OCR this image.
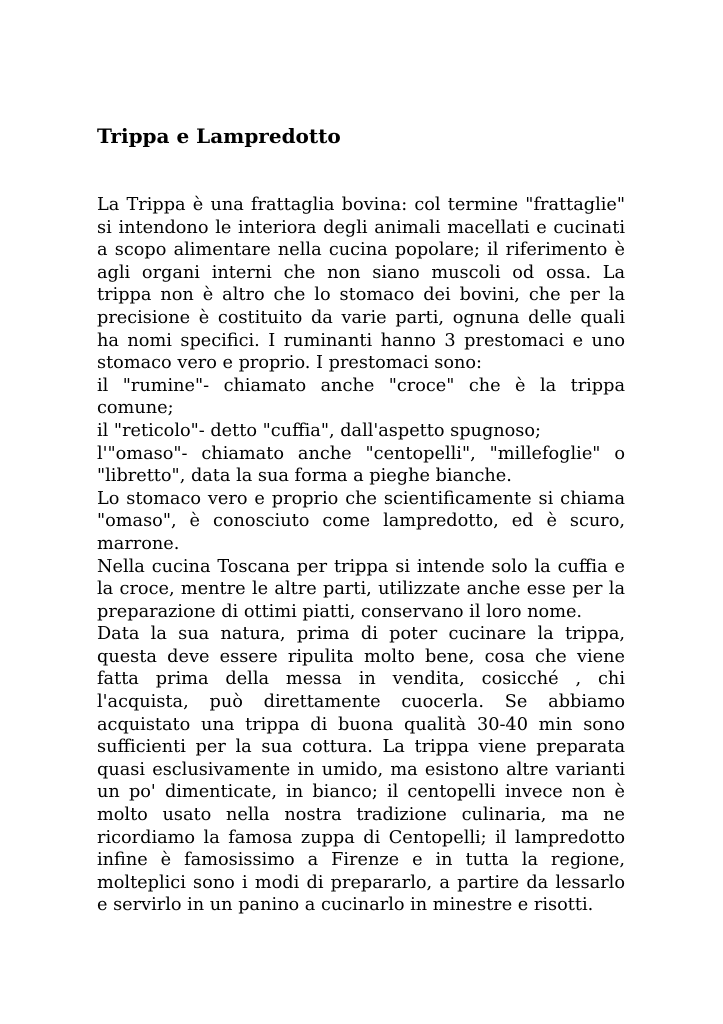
Trippa e Lampredotto

La Trippa è una frattaglia bovina: col termine "frattaglie" si intendono le interiora degli animali macellati e cucinati a scopo alimentare nella cucina popolare; il riferimento è agli organi interni che non siano muscoli od ossa. La trippa non è altro che lo stomaco dei bovini, che per la precisione è costituito da varie parti, ognuna delle quali ha nomi specifici. I ruminanti hanno 3 prestomaci e uno stomaco vero e proprio. I prestomaci sono:

il "rumine"- chiamato anche "croce" che è la trippa comune;

il "reticolo"- detto "cuffia", dall'aspetto spugnoso;

l'"omaso"- chiamato anche "centopelli", "millefoglie" o "libretto", data la sua forma a pieghe bianche.

Lo stomaco vero e proprio che scientificamente si chiama "omaso", è conosciuto come lampredotto, ed è scuro, marrone.

Nella cucina Toscana per trippa si intende solo la cuffia e la croce, mentre le altre parti, utilizzate anche esse per la preparazione di ottimi piatti, conservano il loro nome.

Data la sua natura, prima di poter cucinare la trippa, questa deve essere ripulita molto bene, cosa che viene fatta prima della messa in vendita, cosicché , chi l'acquista, può direttamente cuocerla. Se abbiamo acquistato una trippa di buona qualità 30-40 min sono sufficienti per la sua cottura. La trippa viene preparata quasi esclusivamente in umido, ma esistono altre varianti un po' dimenticate, in bianco; il centopelli invece non è molto usato nella nostra tradizione culinaria, ma ne ricordiamo la famosa zuppa di Centopelli; il lampredotto infine è famosissimo a Firenze e in tutta la regione, molteplici sono i modi di prepararlo, a partire da lessarlo e servirlo in un panino a cucinarlo in minestre e risotti.
